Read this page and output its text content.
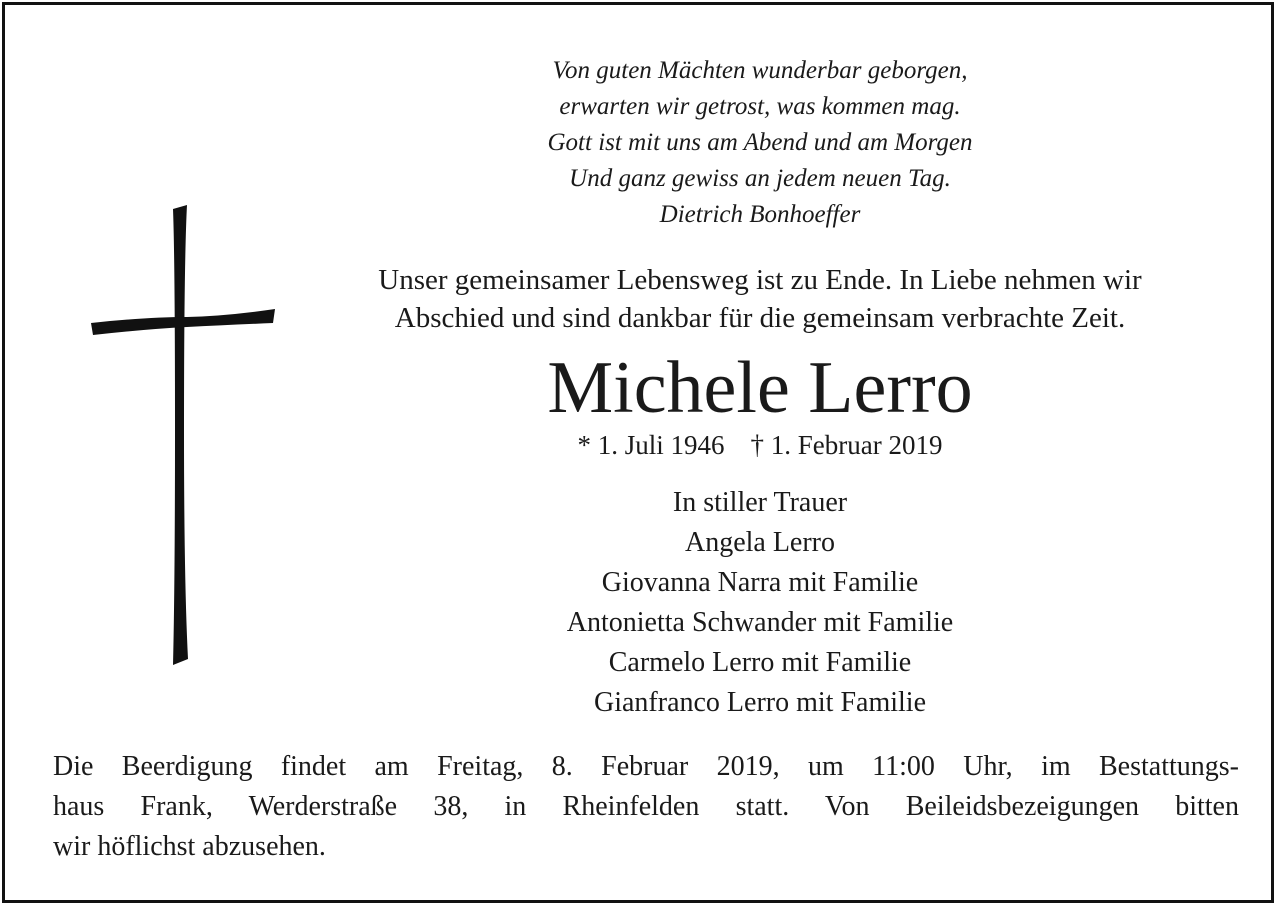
Von guten Mächten wunderbar geborgen,
erwarten wir getrost, was kommen mag.
Gott ist mit uns am Abend und am Morgen
Und ganz gewiss an jedem neuen Tag.
Dietrich Bonhoeffer
Unser gemeinsamer Lebensweg ist zu Ende. In Liebe nehmen wir
Abschied und sind dankbar für die gemeinsam verbrachte Zeit.
Michele Lerro
* 1. Juli 1946 † 1. Februar 2019
In stiller Trauer
Angela Lerro
Giovanna Narra mit Familie
Antonietta Schwander mit Familie
Carmelo Lerro mit Familie
Gianfranco Lerro mit Familie
Die Beerdigung findet am Freitag, 8. Februar 2019, um 11:00 Uhr, im Bestattungs-
haus Frank, Werderstraße 38, in Rheinfelden statt. Von Beileidsbezeigungen bitten
wir höflichst abzusehen.
